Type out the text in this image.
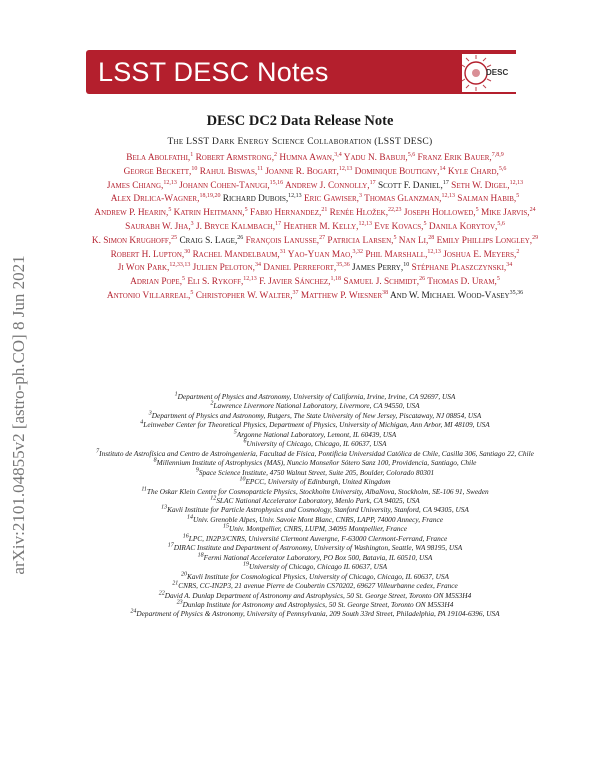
LSST DESC Notes	DESC
arXiv:2101.04855v2 [astro-ph.CO] 8 Jun 2021
DESC DC2 Data Release Note
The LSST Dark Energy Science Collaboration (LSST DESC)
Bela Abolfathi,$^1$ Robert Armstrong,$^2$ Humna Awan,$^{3,4}$ Yadu N. Babuji,$^{5,6}$ Franz Erik Bauer,$^{7,8,9}$ George Beckett,$^{10}$ Rahul Biswas,$^{11}$ Joanne R. Bogart,$^{12,13}$ Dominique Boutigny,$^{14}$ Kyle Chard,$^{5,6}$ James Chiang,$^{12,13}$ Johann Cohen-Tanugi,$^{15,16}$ Andrew J. Connolly,$^{17}$ Scott F. Daniel,$^{17}$ Seth W. Digel,$^{12,13}$ Alex Drlica-Wagner,$^{18,19,20}$ Richard Dubois,$^{12,13}$ Eric Gawiser,$^3$ Thomas Glanzman,$^{12,13}$ Salman Habib,$^5$ Andrew P. Hearin,$^5$ Katrin Heitmann,$^5$ Fabio Hernandez,$^{21}$ Renée Hložek,$^{22,23}$ Joseph Hollowed,$^5$ Mike Jarvis,$^{24}$ Saurabh W. Jha,$^3$ J. Bryce Kalmbach,$^{17}$ Heather M. Kelly,$^{12,13}$ Eve Kovacs,$^5$ Danila Korytov,$^{5,6}$ K. Simon Krughoff,$^{25}$ Craig S. Lage,$^{26}$ François Lanusse,$^{27}$ Patricia Larsen,$^5$ Nan Li,$^{28}$ Emily Phillips Longley,$^{29}$ Robert H. Lupton,$^{30}$ Rachel Mandelbaum,$^{31}$ Yao-Yuan Mao,$^{3,32}$ Phil Marshall,$^{12,13}$ Joshua E. Meyers,$^2$ Ji Won Park,$^{12,33,13}$ Julien Peloton,$^{34}$ Daniel Perrefort,$^{35,36}$ James Perry,$^{10}$ Stéphane Plaszczynski,$^{34}$ Adrian Pope,$^5$ Eli S. Rykoff,$^{12,13}$ F. Javier Sánchez,$^{1,18}$ Samuel J. Schmidt,$^{26}$ Thomas D. Uram,$^5$ Antonio Villarreal,$^5$ Christopher W. Walter,$^{37}$ Matthew P. Wiesner$^{38}$ And W. Michael Wood-Vasey$^{35,36}$
$^1$Department of Physics and Astronomy, University of California, Irvine, Irvine, CA 92697, USA
$^2$Lawrence Livermore National Laboratory, Livermore, CA 94550, USA
$^3$Department of Physics and Astronomy, Rutgers, The State University of New Jersey, Piscataway, NJ 08854, USA
$^4$Leinweber Center for Theoretical Physics, Department of Physics, University of Michigan, Ann Arbor, MI 48109, USA
$^5$Argonne National Laboratory, Lemont, IL 60439, USA
$^6$University of Chicago, Chicago, IL 60637, USA
$^7$Instituto de Astrofísica and Centro de Astroingeniería, Facultad de Física, Pontificia Universidad Católica de Chile, Casilla 306, Santiago 22, Chile
$^8$Millennium Institute of Astrophysics (MAS), Nuncio Monseñor Sótero Sanz 100, Providencia, Santiago, Chile
$^9$Space Science Institute, 4750 Walnut Street, Suite 205, Boulder, Colorado 80301
$^{10}$EPCC, University of Edinburgh, United Kingdom
$^{11}$The Oskar Klein Centre for Cosmoparticle Physics, Stockholm University, AlbaNova, Stockholm, SE-106 91, Sweden
$^{12}$SLAC National Accelerator Laboratory, Menlo Park, CA 94025, USA
$^{13}$Kavli Institute for Particle Astrophysics and Cosmology, Stanford University, Stanford, CA 94305, USA
$^{14}$Univ. Grenoble Alpes, Univ. Savoie Mont Blanc, CNRS, LAPP, 74000 Annecy, France
$^{15}$Univ. Montpellier, CNRS, LUPM, 34095 Montpellier, France
$^{16}$LPC, IN2P3/CNRS, Université Clermont Auvergne, F-63000 Clermont-Ferrand, France
$^{17}$DIRAC Institute and Department of Astronomy, University of Washington, Seattle, WA 98195, USA
$^{18}$Fermi National Accelerator Laboratory, PO Box 500, Batavia, IL 60510, USA
$^{19}$University of Chicago, Chicago IL 60637, USA
$^{20}$Kavli Institute for Cosmological Physics, University of Chicago, Chicago, IL 60637, USA
$^{21}$CNRS, CC-IN2P3, 21 avenue Pierre de Coubertin CS70202, 69627 Villeurbanne cedex, France
$^{22}$David A. Dunlap Department of Astronomy and Astrophysics, 50 St. George Street, Toronto ON M5S3H4
$^{23}$Dunlap Institute for Astronomy and Astrophysics, 50 St. George Street, Toronto ON M5S3H4
$^{24}$Department of Physics & Astronomy, University of Pennsylvania, 209 South 33rd Street, Philadelphia, PA 19104-6396, USA
